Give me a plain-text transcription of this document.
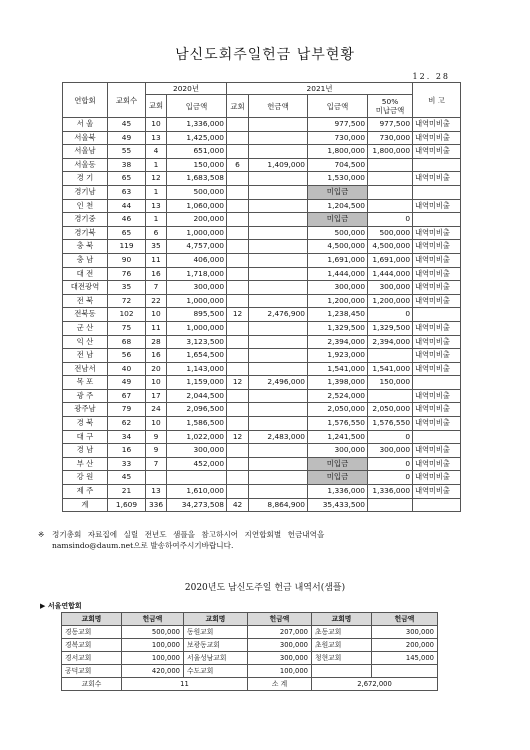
남신도회주일헌금 납부현황
12. 28
연합회	교회수	2020년		2021년				비 고
		교회	입금액	교회	헌금액	입금액	50%
미납금액	
서 울	45	10	1,336,000			977,500	977,500	내역미비출
서울북	49	13	1,425,000			730,000	730,000	내역미비출
서울남	55	4	651,000			1,800,000	1,800,000	내역미비출
서울동	38	1	150,000	6	1,409,000	704,500		
경 기	65	12	1,683,508			1,530,000		내역미비출
경기남	63	1	500,000			미입금		
인 천	44	13	1,060,000			1,204,500		내역미비출
경기중	46	1	200,000			미입금	0	
경기북	65	6	1,000,000			500,000	500,000	내역미비출
충 북	119	35	4,757,000			4,500,000	4,500,000	내역미비출
충 남	90	11	406,000			1,691,000	1,691,000	내역미비출
대 전	76	16	1,718,000			1,444,000	1,444,000	내역미비출
대전광역	35	7	300,000			300,000	300,000	내역미비출
전 북	72	22	1,000,000			1,200,000	1,200,000	내역미비출
전북동	102	10	895,500	12	2,476,900	1,238,450	0	
군 산	75	11	1,000,000			1,329,500	1,329,500	내역미비출
익 산	68	28	3,123,500			2,394,000	2,394,000	내역미비출
전 남	56	16	1,654,500			1,923,000		내역미비출
전남서	40	20	1,143,000			1,541,000	1,541,000	내역미비출
목 포	49	10	1,159,000	12	2,496,000	1,398,000	150,000	
광 주	67	17	2,044,500			2,524,000		내역미비출
광주남	79	24	2,096,500			2,050,000	2,050,000	내역미비출
경 북	62	10	1,586,500			1,576,550	1,576,550	내역미비출
대 구	34	9	1,022,000	12	2,483,000	1,241,500	0	
경 남	16	9	300,000			300,000	300,000	내역미비출
부 산	33	7	452,000			미입금	0	내역미비출
강 원	45					미입금	0	내역미비출
제 주	21	13	1,610,000			1,336,000	1,336,000	내역미비출
계	1,609	336	34,273,508	42	8,864,900	35,433,500		
※	정기총회 자료집에 실릴 전년도 샘플을 참고하시어 지연합회별 헌금내역을
namsindo@daum.net으로 발송하여주시기바랍니다.
2020년도 남신도주일 헌금 내역서(샘플)
▶ 서울연합회
교회명	헌금액	교회명	헌금액	교회명	헌금액
경동교회	500,000	동원교회	207,000	초동교회	300,000
경복교회	100,000	보광동교회	300,000	초원교회	200,000
경서교회	100,000	서울성남교회	300,000	청현교회	145,000
공덕교회	420,000	수도교회	100,000		
교회수	11		소 계	2,672,000	
